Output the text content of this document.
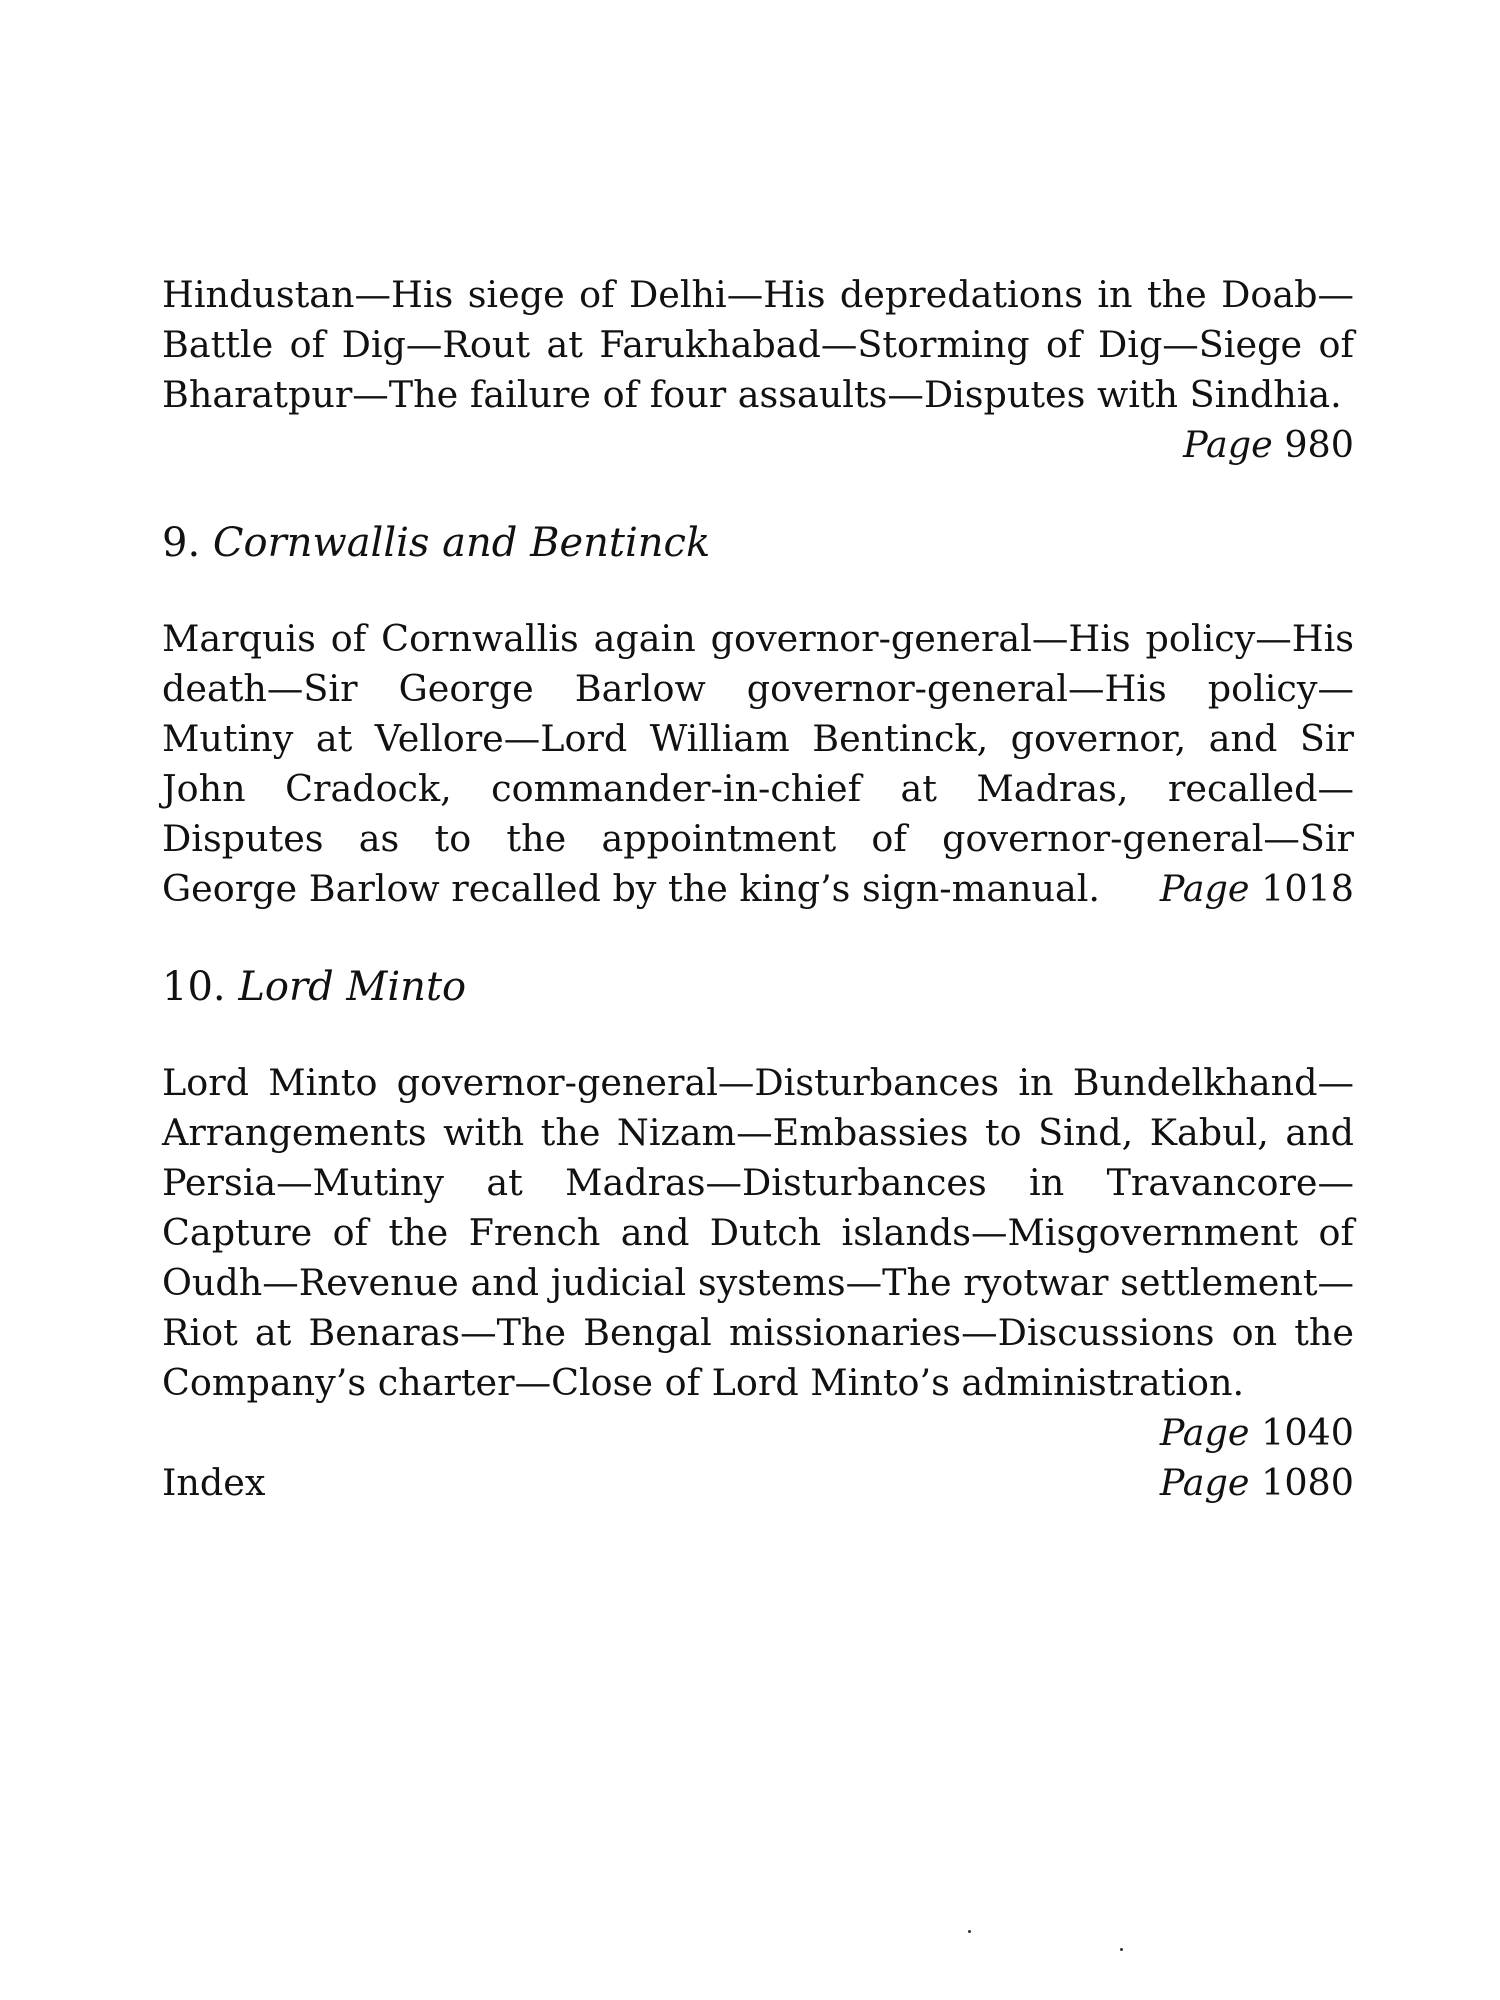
Hindustan—His siege of Delhi—His depredations in the Doab—Battle of Dig—Rout at Farukhabad—Storming of Dig—Siege of Bharatpur—The failure of four assaults—Disputes with Sindhia.
Page 980

9. Cornwallis and Bentinck

Marquis of Cornwallis again governor-general—His policy—His death—Sir George Barlow governor-general—His policy—Mutiny at Vellore—Lord William Bentinck, governor, and Sir John Cradock, commander-in-chief at Madras, recalled—Disputes as to the appointment of governor-general—Sir George Barlow recalled by the king’s sign-manual. Page 1018

10. Lord Minto

Lord Minto governor-general—Disturbances in Bundelkhand—Arrangements with the Nizam—Embassies to Sind, Kabul, and Persia—Mutiny at Madras—Disturbances in Travancore—Capture of the French and Dutch islands—Misgovernment of Oudh—Revenue and judicial systems—The ryotwar settlement—Riot at Benaras—The Bengal missionaries—Discussions on the Company’s charter—Close of Lord Minto’s administration.
Page 1040

Index	Page 1080
